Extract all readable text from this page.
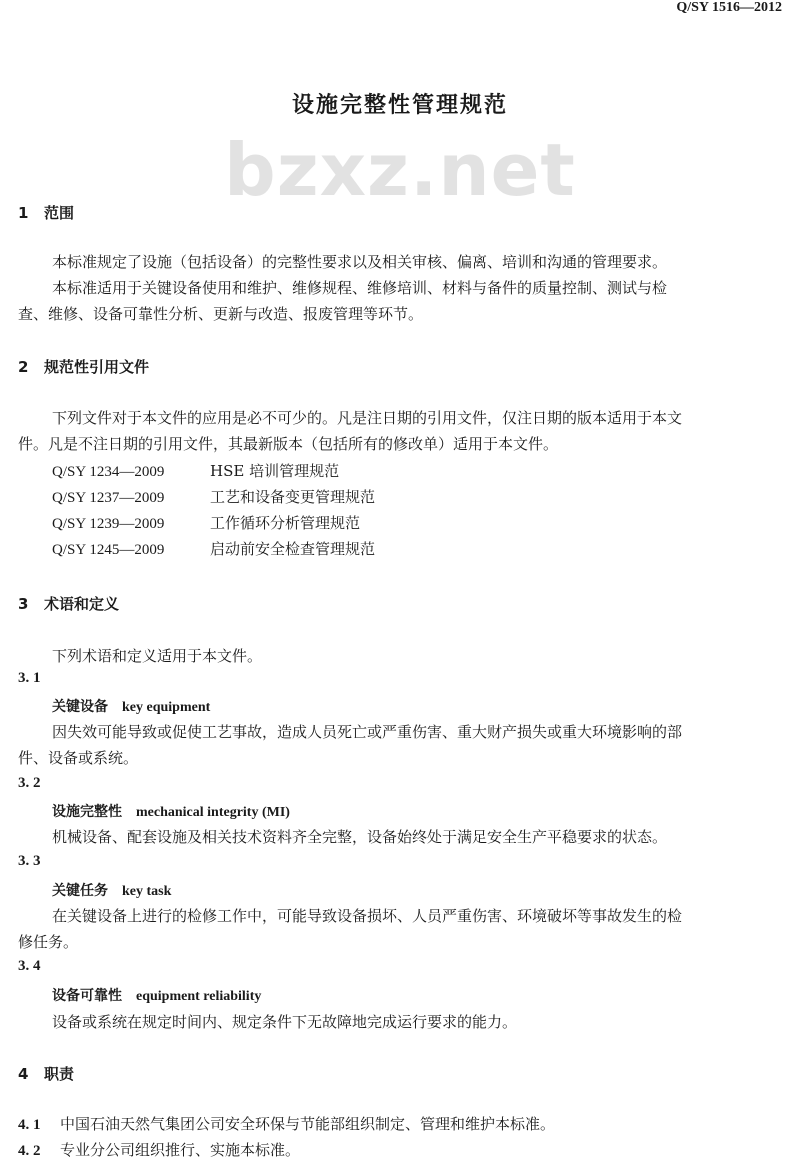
Q/SY 1516—2012
设施完整性管理规范
bzxz.net
1 范围
本标准规定了设施（包括设备）的完整性要求以及相关审核、偏离、培训和沟通的管理要求。
本标准适用于关键设备使用和维护、维修规程、维修培训、材料与备件的质量控制、测试与检
查、维修、设备可靠性分析、更新与改造、报废管理等环节。
2 规范性引用文件
下列文件对于本文件的应用是必不可少的。凡是注日期的引用文件，仅注日期的版本适用于本文
件。凡是不注日期的引用文件，其最新版本（包括所有的修改单）适用于本文件。
Q/SY 1234—2009	HSE 培训管理规范
Q/SY 1237—2009	工艺和设备变更管理规范
Q/SY 1239—2009	工作循环分析管理规范
Q/SY 1245—2009	启动前安全检查管理规范
3 术语和定义
下列术语和定义适用于本文件。
3. 1
关键设备 key equipment
因失效可能导致或促使工艺事故，造成人员死亡或严重伤害、重大财产损失或重大环境影响的部
件、设备或系统。
3. 2
设施完整性 mechanical integrity (MI)
机械设备、配套设施及相关技术资料齐全完整，设备始终处于满足安全生产平稳要求的状态。
3. 3
关键任务 key task
在关键设备上进行的检修工作中，可能导致设备损坏、人员严重伤害、环境破坏等事故发生的检
修任务。
3. 4
设备可靠性 equipment reliability
设备或系统在规定时间内、规定条件下无故障地完成运行要求的能力。
4 职责
4. 1 中国石油天然气集团公司安全环保与节能部组织制定、管理和维护本标准。
4. 2 专业分公司组织推行、实施本标准。
